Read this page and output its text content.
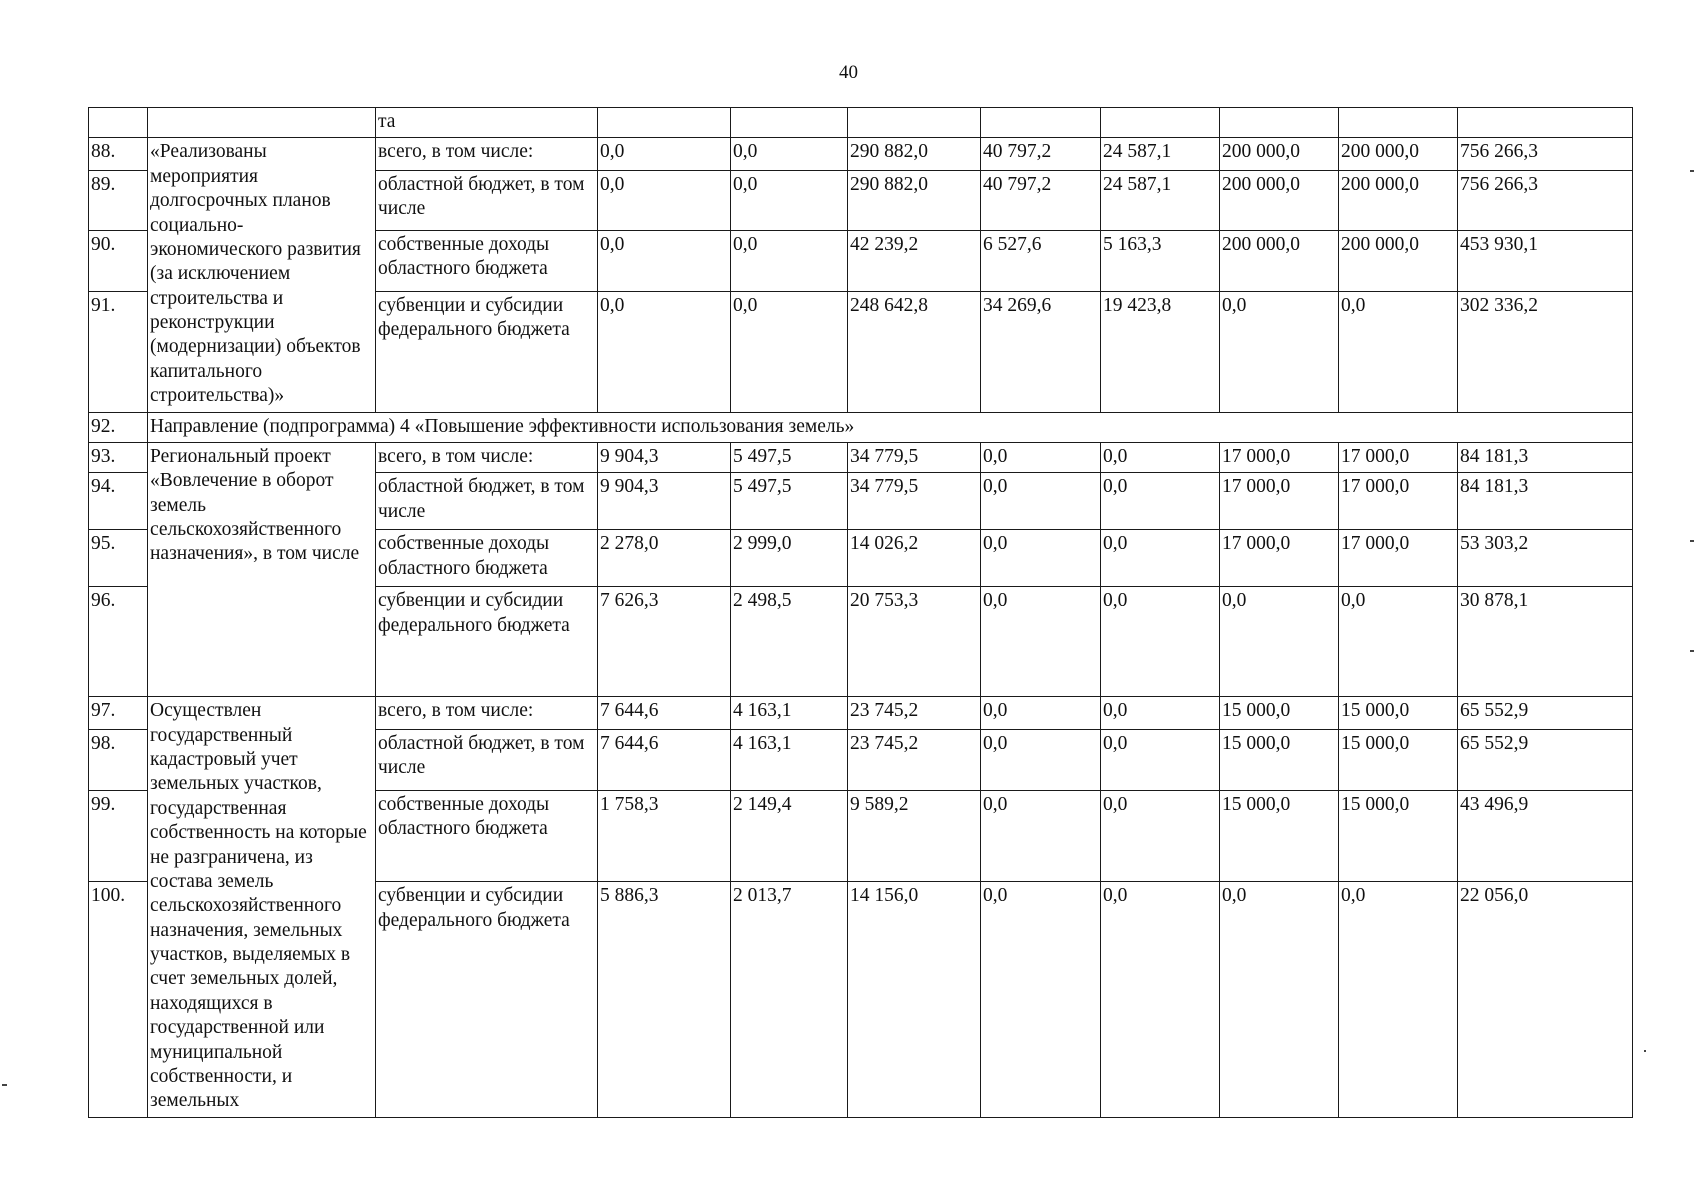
40
		та								
88.	«Реализованы мероприятия долгосрочных планов социально-экономического развития (за исключением строительства и реконструкции (модернизации) объектов капитального строительства)»	всего, в том числе:	0,0	0,0	290 882,0	40 797,2	24 587,1	200 000,0	200 000,0	756 266,3
89.		областной бюджет, в том числе	0,0	0,0	290 882,0	40 797,2	24 587,1	200 000,0	200 000,0	756 266,3
90.		собственные доходы областного бюджета	0,0	0,0	42 239,2	6 527,6	5 163,3	200 000,0	200 000,0	453 930,1
91.		субвенции и субсидии федерального бюджета	0,0	0,0	248 642,8	34 269,6	19 423,8	0,0	0,0	302 336,2
92.	Направление (подпрограмма) 4 «Повышение эффективности использования земель»									
93.	Региональный проект «Вовлечение в оборот земель сельскохозяйственного назначения», в том числе	всего, в том числе:	9 904,3	5 497,5	34 779,5	0,0	0,0	17 000,0	17 000,0	84 181,3
94.		областной бюджет, в том числе	9 904,3	5 497,5	34 779,5	0,0	0,0	17 000,0	17 000,0	84 181,3
95.		собственные доходы областного бюджета	2 278,0	2 999,0	14 026,2	0,0	0,0	17 000,0	17 000,0	53 303,2
96.		субвенции и субсидии федерального бюджета	7 626,3	2 498,5	20 753,3	0,0	0,0	0,0	0,0	30 878,1
97.	Осуществлен государственный кадастровый учет земельных участков, государственная собственность на которые не разграничена, из состава земель сельскохозяйственного назначения, земельных участков, выделяемых в счет земельных долей, находящихся в государственной или муниципальной собственности, и земельных	всего, в том числе:	7 644,6	4 163,1	23 745,2	0,0	0,0	15 000,0	15 000,0	65 552,9
98.		областной бюджет, в том числе	7 644,6	4 163,1	23 745,2	0,0	0,0	15 000,0	15 000,0	65 552,9
99.		собственные доходы областного бюджета	1 758,3	2 149,4	9 589,2	0,0	0,0	15 000,0	15 000,0	43 496,9
100.		субвенции и субсидии федерального бюджета	5 886,3	2 013,7	14 156,0	0,0	0,0	0,0	0,0	22 056,0
